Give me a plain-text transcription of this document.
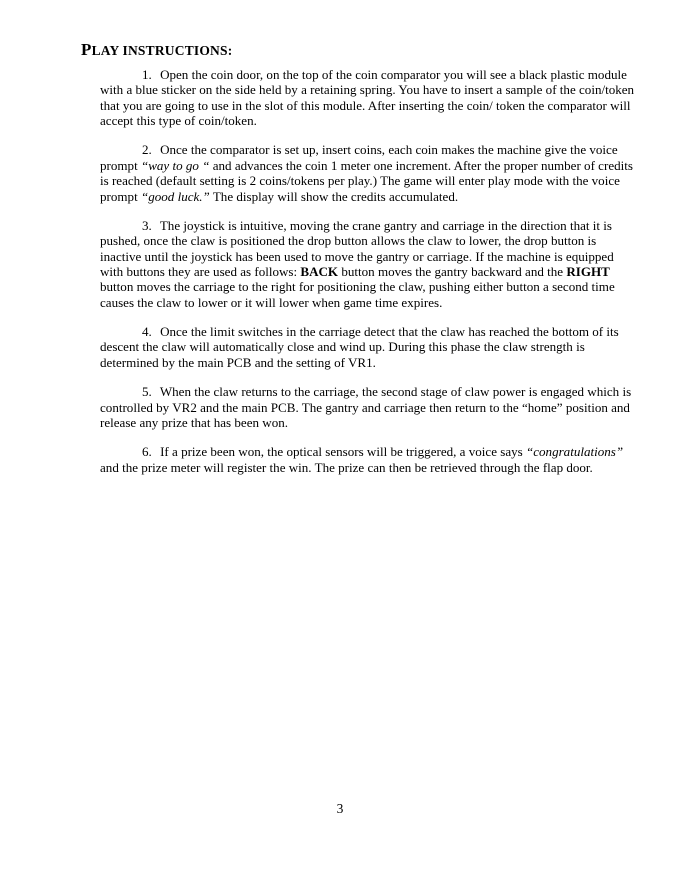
PLAY INSTRUCTIONS:

1. Open the coin door, on the top of the coin comparator you will see a black plastic module with a blue sticker on the side held by a retaining spring. You have to insert a sample of the coin/token that you are going to use in the slot of this module. After inserting the coin/ token the comparator will accept this type of coin/token.

2. Once the comparator is set up, insert coins, each coin makes the machine give the voice prompt “way to go “ and advances the coin 1 meter one increment. After the proper number of credits is reached (default setting is 2 coins/tokens per play.) The game will enter play mode with the voice prompt “good luck.” The display will show the credits accumulated.

3. The joystick is intuitive, moving the crane gantry and carriage in the direction that it is pushed, once the claw is positioned the drop button allows the claw to lower, the drop button is inactive until the joystick has been used to move the gantry or carriage. If the machine is equipped with buttons they are used as follows: BACK button moves the gantry backward and the RIGHT button moves the carriage to the right for positioning the claw, pushing either button a second time causes the claw to lower or it will lower when game time expires.

4. Once the limit switches in the carriage detect that the claw has reached the bottom of its descent the claw will automatically close and wind up. During this phase the claw strength is determined by the main PCB and the setting of VR1.

5. When the claw returns to the carriage, the second stage of claw power is engaged which is controlled by VR2 and the main PCB. The gantry and carriage then return to the “home” position and release any prize that has been won.

6. If a prize been won, the optical sensors will be triggered, a voice says “congratulations” and the prize meter will register the win. The prize can then be retrieved through the flap door.

3
